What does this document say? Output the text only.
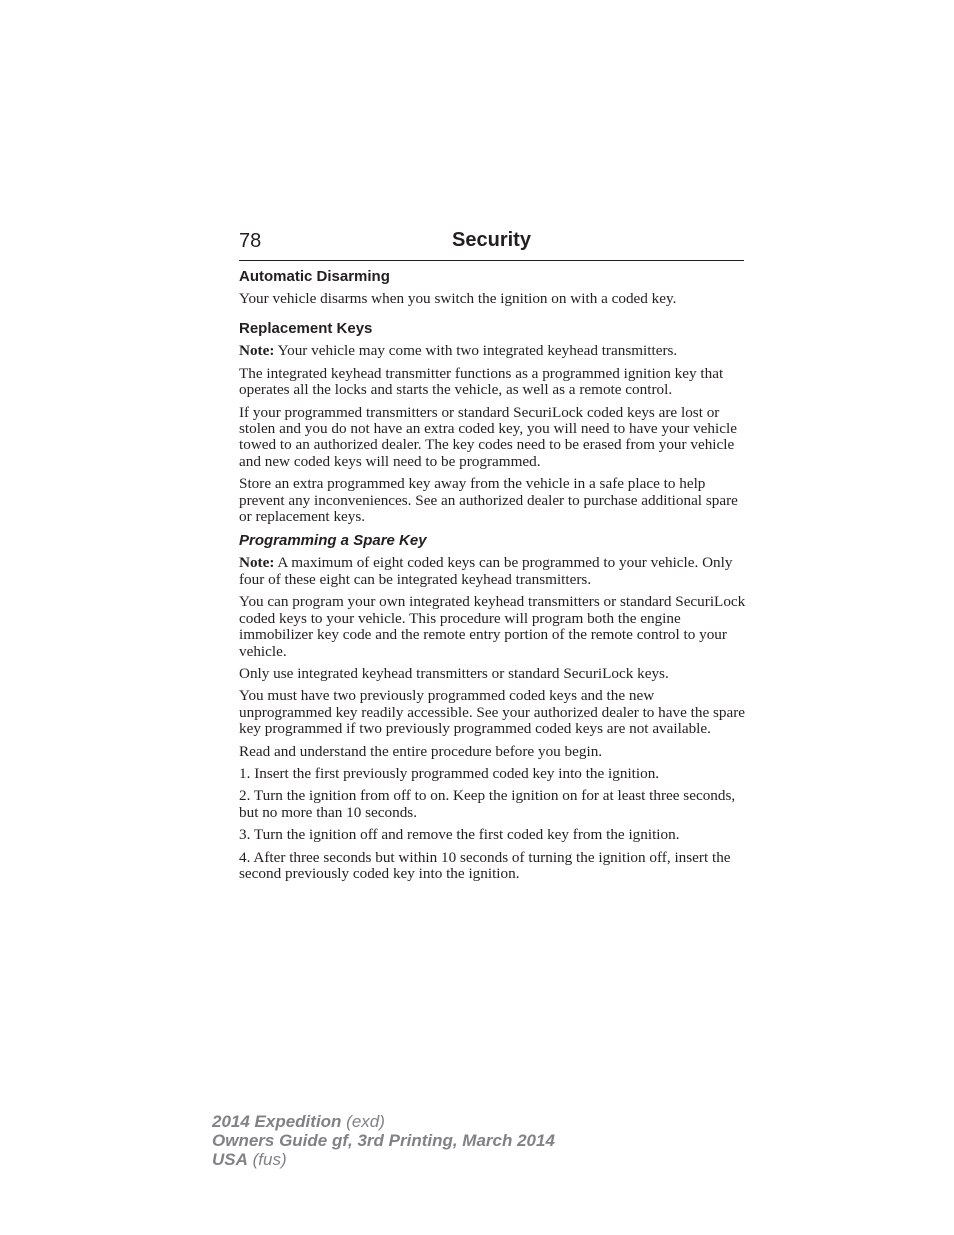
78	Security
Automatic Disarming

Your vehicle disarms when you switch the ignition on with a coded key.

Replacement Keys

Note: Your vehicle may come with two integrated keyhead transmitters.

The integrated keyhead transmitter functions as a programmed ignition key that operates all the locks and starts the vehicle, as well as a remote control.

If your programmed transmitters or standard SecuriLock coded keys are lost or stolen and you do not have an extra coded key, you will need to have your vehicle towed to an authorized dealer. The key codes need to be erased from your vehicle and new coded keys will need to be programmed.

Store an extra programmed key away from the vehicle in a safe place to help prevent any inconveniences. See an authorized dealer to purchase additional spare or replacement keys.

Programming a Spare Key

Note: A maximum of eight coded keys can be programmed to your vehicle. Only four of these eight can be integrated keyhead transmitters.

You can program your own integrated keyhead transmitters or standard SecuriLock coded keys to your vehicle. This procedure will program both the engine immobilizer key code and the remote entry portion of the remote control to your vehicle.

Only use integrated keyhead transmitters or standard SecuriLock keys.

You must have two previously programmed coded keys and the new unprogrammed key readily accessible. See your authorized dealer to have the spare key programmed if two previously programmed coded keys are not available.

Read and understand the entire procedure before you begin.

1. Insert the first previously programmed coded key into the ignition.

2. Turn the ignition from off to on. Keep the ignition on for at least three seconds, but no more than 10 seconds.

3. Turn the ignition off and remove the first coded key from the ignition.

4. After three seconds but within 10 seconds of turning the ignition off, insert the second previously coded key into the ignition.

2014 Expedition (exd)
Owners Guide gf, 3rd Printing, March 2014
USA (fus)
